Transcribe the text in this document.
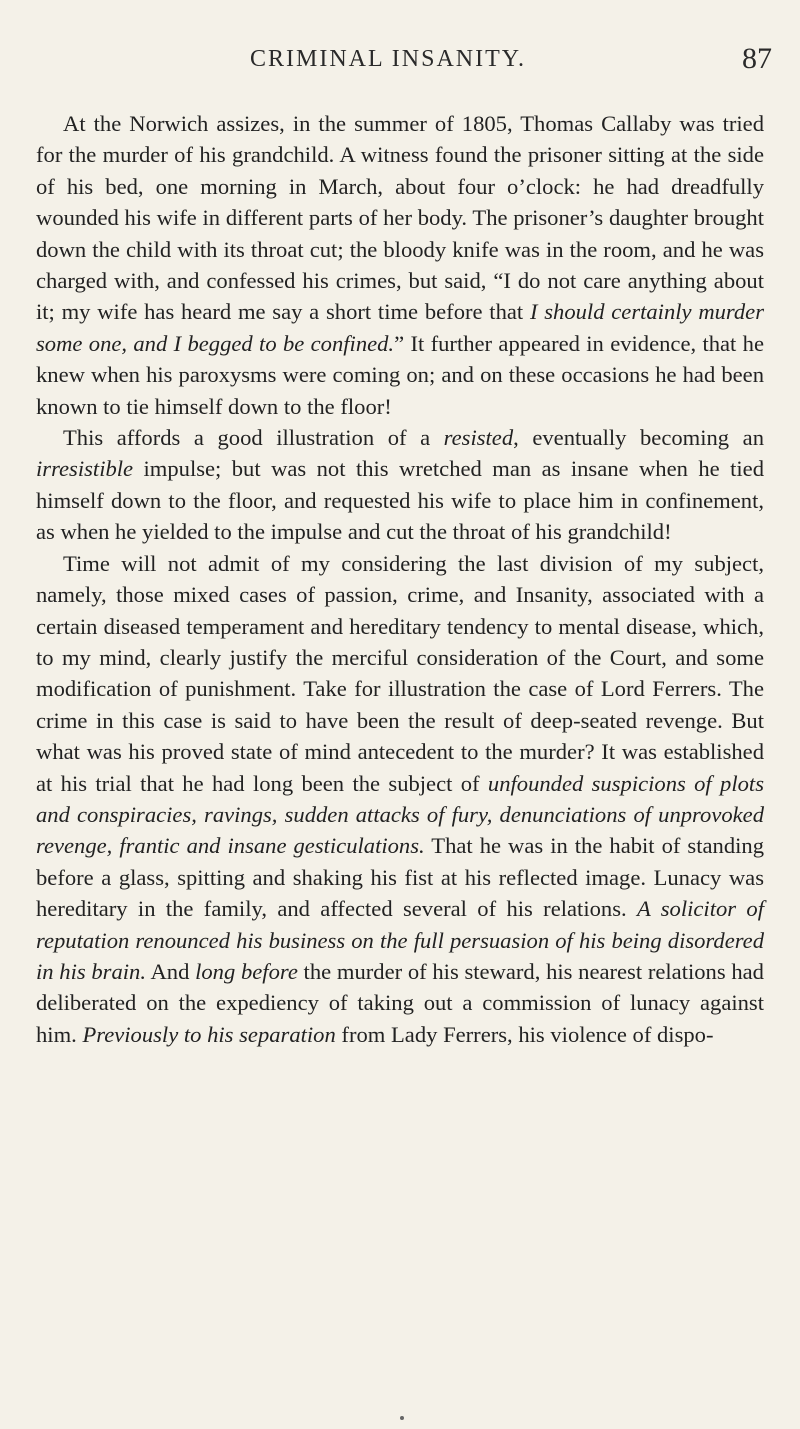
CRIMINAL INSANITY.	87

At the Norwich assizes, in the summer of 1805, Thomas Callaby was tried for the murder of his grandchild. A witness found the prisoner sitting at the side of his bed, one morning in March, about four o’clock: he had dreadfully wounded his wife in different parts of her body. The prisoner’s daughter brought down the child with its throat cut; the bloody knife was in the room, and he was charged with, and confessed his crimes, but said, “I do not care anything about it; my wife has heard me say a short time before that I should certainly murder some one, and I begged to be confined.” It further appeared in evidence, that he knew when his paroxysms were coming on; and on these occasions he had been known to tie himself down to the floor!

This affords a good illustration of a resisted, eventually becoming an irresistible impulse; but was not this wretched man as insane when he tied himself down to the floor, and requested his wife to place him in confinement, as when he yielded to the impulse and cut the throat of his grandchild!

Time will not admit of my considering the last division of my subject, namely, those mixed cases of passion, crime, and Insanity, associated with a certain diseased temperament and hereditary tendency to mental disease, which, to my mind, clearly justify the merciful consideration of the Court, and some modification of punishment. Take for illustration the case of Lord Ferrers. The crime in this case is said to have been the result of deep-seated revenge. But what was his proved state of mind antecedent to the murder? It was established at his trial that he had long been the subject of unfounded suspicions of plots and conspiracies, ravings, sudden attacks of fury, denunciations of unprovoked revenge, frantic and insane gesticulations. That he was in the habit of standing before a glass, spitting and shaking his fist at his reflected image. Lunacy was hereditary in the family, and affected several of his relations. A solicitor of reputation renounced his business on the full persuasion of his being disordered in his brain. And long before the murder of his steward, his nearest relations had deliberated on the expediency of taking out a commission of lunacy against him. Previously to his separation from Lady Ferrers, his violence of dispo-
